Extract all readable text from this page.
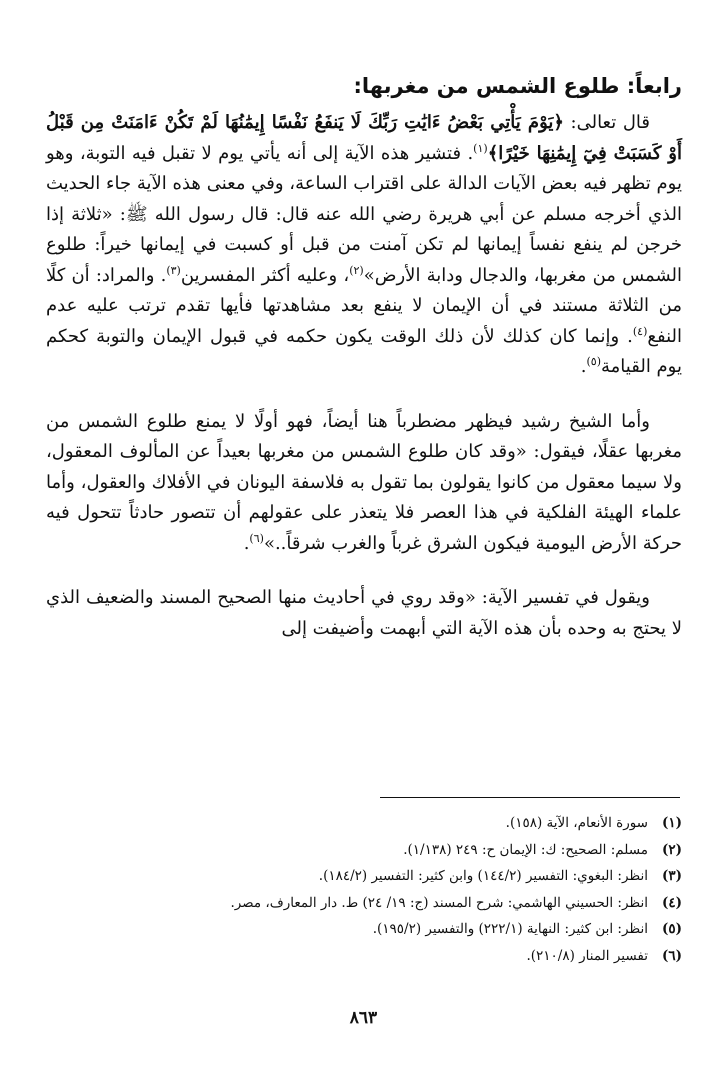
رابعاً: طلوع الشمس من مغربها:

قال تعالى: ﴿يَوْمَ يَأْتِي بَعْضُ ءَايَٰتِ رَبِّكَ لَا يَنفَعُ نَفْسًا إِيمَٰنُهَا لَمْ تَكُنْ ءَامَنَتْ مِن قَبْلُ أَوْ كَسَبَتْ فِيٓ إِيمَٰنِهَا خَيْرًا﴾$^{(١)}$. فتشير هذه الآية إلى أنه يأتي يوم لا تقبل فيه التوبة، وهو يوم تظهر فيه بعض الآيات الدالة على اقتراب الساعة، وفي معنى هذه الآية جاء الحديث الذي أخرجه مسلم عن أبي هريرة رضي الله عنه قال: قال رسول الله ﷺ: «ثلاثة إذا خرجن لم ينفع نفساً إيمانها لم تكن آمنت من قبل أو كسبت في إيمانها خيراً: طلوع الشمس من مغربها، والدجال ودابة الأرض»$^{(٢)}$، وعليه أكثر المفسرين$^{(٣)}$. والمراد: أن كلًا من الثلاثة مستند في أن الإيمان لا ينفع بعد مشاهدتها فأيها تقدم ترتب عليه عدم النفع$^{(٤)}$. وإنما كان كذلك لأن ذلك الوقت يكون حكمه في قبول الإيمان والتوبة كحكم يوم القيامة$^{(٥)}$.

وأما الشيخ رشيد فيظهر مضطرباً هنا أيضاً، فهو أولًا لا يمنع طلوع الشمس من مغربها عقلًا، فيقول: «وقد كان طلوع الشمس من مغربها بعيداً عن المألوف المعقول، ولا سيما معقول من كانوا يقولون بما تقول به فلاسفة اليونان في الأفلاك والعقول، وأما علماء الهيئة الفلكية في هذا العصر فلا يتعذر على عقولهم أن تتصور حادثاً تتحول فيه حركة الأرض اليومية فيكون الشرق غرباً والغرب شرقاً..»$^{(٦)}$.

ويقول في تفسير الآية: «وقد روي في أحاديث منها الصحيح المسند والضعيف الذي لا يحتج به وحده بأن هذه الآية التي أبهمت وأضيفت إلى

(١)
سورة الأنعام، الآية (١٥٨).
(٢)
مسلم: الصحيح: ك: الإيمان ح: ٢٤٩ (١/١٣٨).
(٣)
انظر: البغوي: التفسير (١٤٤/٢) وابن كثير: التفسير (١٨٤/٢).
(٤)
انظر: الحسيني الهاشمي: شرح المسند (ج: ١٩/ ٢٤) ط. دار المعارف، مصر.
(٥)
انظر: ابن كثير: النهاية (٢٢٢/١) والتفسير (١٩٥/٢).
(٦)
تفسير المنار (٢١٠/٨).
٨٦٣
